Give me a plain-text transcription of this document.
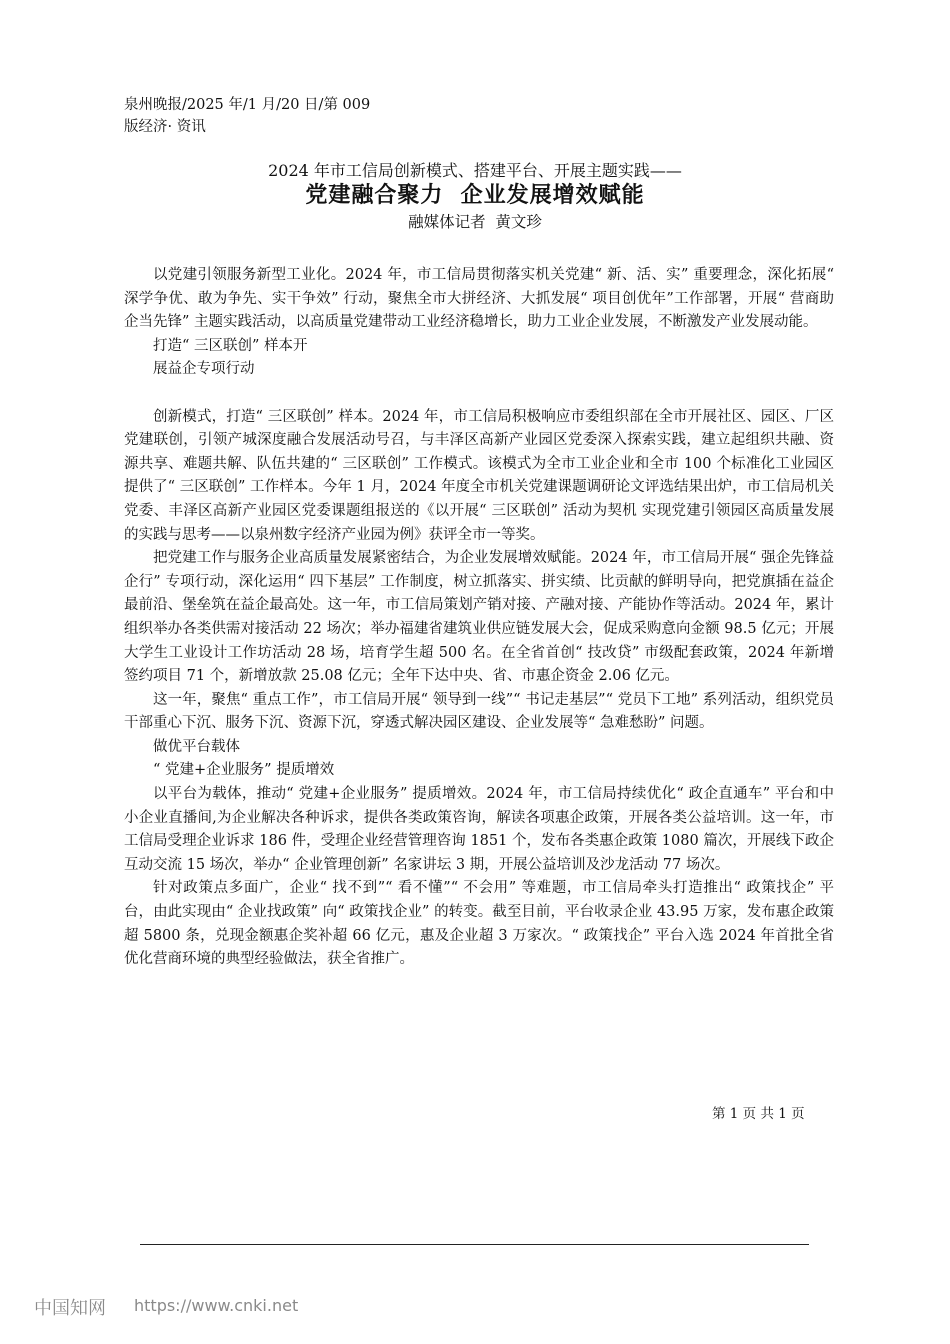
泉州晚报/2025 年/1 月/20 日/第 009
版经济· 资讯
2024 年市工信局创新模式、搭建平台、开展主题实践——
党建融合聚力  企业发展增效赋能
融媒体记者  黄文珍

以党建引领服务新型工业化。2024 年，市工信局贯彻落实机关党建“ 新、活、实” 重要理念，深化拓展“ 深学争优、敢为争先、实干争效” 行动，聚焦全市大拼经济、大抓发展“ 项目创优年”工作部署，开展“ 营商助企当先锋” 主题实践活动，以高质量党建带动工业经济稳增长，助力工业企业发展，不断激发产业发展动能。

打造“ 三区联创” 样本开

展益企专项行动

创新模式，打造“ 三区联创” 样本。2024 年，市工信局积极响应市委组织部在全市开展社区、园区、厂区党建联创，引领产城深度融合发展活动号召，与丰泽区高新产业园区党委深入探索实践，建立起组织共融、资源共享、难题共解、队伍共建的“ 三区联创” 工作模式。该模式为全市工业企业和全市 100 个标准化工业园区提供了“ 三区联创” 工作样本。今年 1 月，2024 年度全市机关党建课题调研论文评选结果出炉，市工信局机关党委、丰泽区高新产业园区党委课题组报送的《以开展“ 三区联创” 活动为契机 实现党建引领园区高质量发展的实践与思考——以泉州数字经济产业园为例》获评全市一等奖。

把党建工作与服务企业高质量发展紧密结合，为企业发展增效赋能。2024 年，市工信局开展“ 强企先锋益企行” 专项行动，深化运用“ 四下基层” 工作制度，树立抓落实、拼实绩、比贡献的鲜明导向，把党旗插在益企最前沿、堡垒筑在益企最高处。这一年，市工信局策划产销对接、产融对接、产能协作等活动。2024 年，累计组织举办各类供需对接活动 22 场次；举办福建省建筑业供应链发展大会，促成采购意向金额 98.5 亿元；开展大学生工业设计工作坊活动 28 场，培育学生超 500 名。在全省首创“ 技改贷” 市级配套政策，2024 年新增签约项目 71 个，新增放款 25.08 亿元；全年下达中央、省、市惠企资金 2.06 亿元。

这一年，聚焦“ 重点工作”，市工信局开展“ 领导到一线”“ 书记走基层”“ 党员下工地” 系列活动，组织党员干部重心下沉、服务下沉、资源下沉，穿透式解决园区建设、企业发展等“ 急难愁盼” 问题。

做优平台载体

“ 党建+企业服务” 提质增效

以平台为载体，推动“ 党建+企业服务” 提质增效。2024 年，市工信局持续优化“ 政企直通车” 平台和中小企业直播间,为企业解决各种诉求，提供各类政策咨询，解读各项惠企政策，开展各类公益培训。这一年，市工信局受理企业诉求 186 件，受理企业经营管理咨询 1851 个，发布各类惠企政策 1080 篇次，开展线下政企互动交流 15 场次，举办“ 企业管理创新” 名家讲坛 3 期，开展公益培训及沙龙活动 77 场次。

针对政策点多面广，企业“ 找不到”“ 看不懂”“ 不会用” 等难题，市工信局牵头打造推出“ 政策找企” 平台，由此实现由“ 企业找政策” 向“ 政策找企业” 的转变。截至目前，平台收录企业 43.95 万家，发布惠企政策超 5800 条，兑现金额惠企奖补超 66 亿元，惠及企业超 3 万家次。“ 政策找企” 平台入选 2024 年首批全省优化营商环境的典型经验做法，获全省推广。

第 1 页 共 1 页
中国知网 https://www.cnki.net
